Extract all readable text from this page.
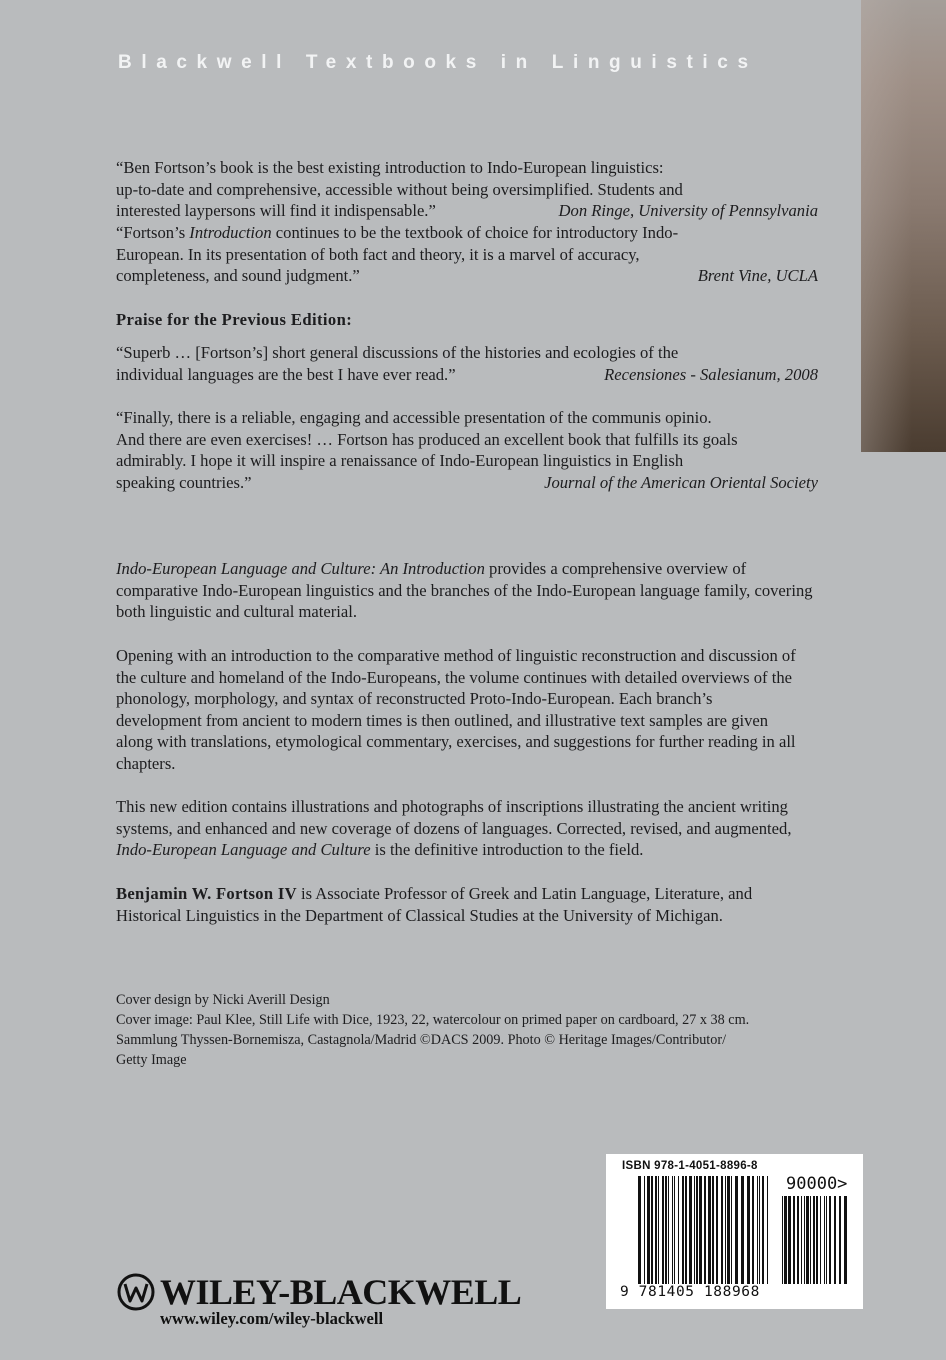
Blackwell Textbooks in Linguistics

“Ben Fortson’s book is the best existing introduction to Indo-European linguistics:

up-to-date and comprehensive, accessible without being oversimplified. Students and

interested laypersons will find it indispensable.”	Don Ringe, University of Pennsylvania

“Fortson’s Introduction continues to be the textbook of choice for introductory Indo-

European. In its presentation of both fact and theory, it is a marvel of accuracy,

completeness, and sound judgment.”	Brent Vine, UCLA

Praise for the Previous Edition:

“Superb … [Fortson’s] short general discussions of the histories and ecologies of the

individual languages are the best I have ever read.”	Recensiones - Salesianum, 2008

“Finally, there is a reliable, engaging and accessible presentation of the communis opinio.

And there are even exercises! … Fortson has produced an excellent book that fulfills its goals

admirably. I hope it will inspire a renaissance of Indo-European linguistics in English

speaking countries.”	Journal of the American Oriental Society

Indo-European Language and Culture: An Introduction provides a comprehensive overview of comparative Indo-European linguistics and the branches of the Indo-European language family, covering both linguistic and cultural material.

Opening with an introduction to the comparative method of linguistic reconstruction and discussion of the culture and homeland of the Indo-Europeans, the volume continues with detailed overviews of the phonology, morphology, and syntax of reconstructed Proto-Indo-European. Each branch’s development from ancient to modern times is then outlined, and illustrative text samples are given along with translations, etymological commentary, exercises, and suggestions for further reading in all chapters.

This new edition contains illustrations and photographs of inscriptions illustrating the ancient writing systems, and enhanced and new coverage of dozens of languages. Corrected, revised, and augmented, Indo-European Language and Culture is the definitive introduction to the field.

Benjamin W. Fortson IV is Associate Professor of Greek and Latin Language, Literature, and Historical Linguistics in the Department of Classical Studies at the University of Michigan.

Cover design by Nicki Averill Design
Cover image: Paul Klee, Still Life with Dice, 1923, 22, watercolour on primed paper on cardboard, 27 x 38 cm.
Sammlung Thyssen-Bornemisza, Castagnola/Madrid ©DACS 2009. Photo © Heritage Images/Contributor/
Getty Image
ISBN 978-1-4051-8896-8
90000>
9 781405 188968
WILEY-BLACKWELL
www.wiley.com/wiley-blackwell
